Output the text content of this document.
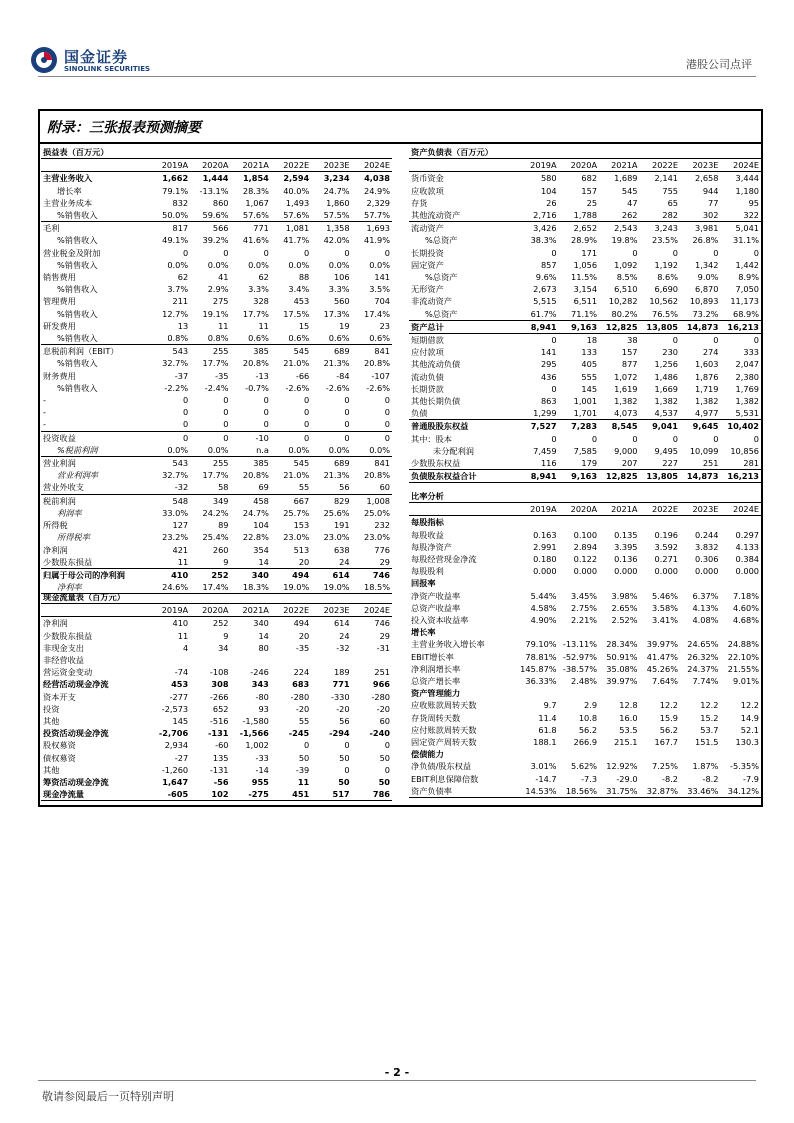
国金证券
SINOLINK SECURITIES	港股公司点评
附录：三张报表预测摘要
损益表（百万元）						
	2019A	2020A	2021A	2022E	2023E	2024E
主营业务收入	1,662	1,444	1,854	2,594	3,234	4,038
增长率	79.1%	-13.1%	28.3%	40.0%	24.7%	24.9%
主营业务成本	832	860	1,067	1,493	1,860	2,329
%销售收入	50.0%	59.6%	57.6%	57.6%	57.5%	57.7%
毛利	817	566	771	1,081	1,358	1,693
%销售收入	49.1%	39.2%	41.6%	41.7%	42.0%	41.9%
营业税金及附加	0	0	0	0	0	0
%销售收入	0.0%	0.0%	0.0%	0.0%	0.0%	0.0%
销售费用	62	41	62	88	106	141
%销售收入	3.7%	2.9%	3.3%	3.4%	3.3%	3.5%
管理费用	211	275	328	453	560	704
%销售收入	12.7%	19.1%	17.7%	17.5%	17.3%	17.4%
研发费用	13	11	11	15	19	23
%销售收入	0.8%	0.8%	0.6%	0.6%	0.6%	0.6%
息税前利润（EBIT）	543	255	385	545	689	841
%销售收入	32.7%	17.7%	20.8%	21.0%	21.3%	20.8%
财务费用	-37	-35	-13	-66	-84	-107
%销售收入	-2.2%	-2.4%	-0.7%	-2.6%	-2.6%	-2.6%
-	0	0	0	0	0	0
-	0	0	0	0	0	0
-	0	0	0	0	0	0
投资收益	0	0	-10	0	0	0
%税前利润	0.0%	0.0%	n.a	0.0%	0.0%	0.0%
营业利润	543	255	385	545	689	841
营业利润率	32.7%	17.7%	20.8%	21.0%	21.3%	20.8%
营业外收支	-32	58	69	55	56	60
税前利润	548	349	458	667	829	1,008
利润率	33.0%	24.2%	24.7%	25.7%	25.6%	25.0%
所得税	127	89	104	153	191	232
所得税率	23.2%	25.4%	22.8%	23.0%	23.0%	23.0%
净利润	421	260	354	513	638	776
少数股东损益	11	9	14	20	24	29
归属于母公司的净利润	410	252	340	494	614	746
净利率	24.6%	17.4%	18.3%	19.0%	19.0%	18.5%
现金流量表（百万元）						
	2019A	2020A	2021A	2022E	2023E	2024E
净利润	410	252	340	494	614	746
少数股东损益	11	9	14	20	24	29
非现金支出	4	34	80	-35	-32	-31
非经营收益						
营运资金变动	-74	-108	-246	224	189	251
经营活动现金净流	453	308	343	683	771	966
资本开支	-277	-266	-80	-280	-330	-280
投资	-2,573	652	93	-20	-20	-20
其他	145	-516	-1,580	55	56	60
投资活动现金净流	-2,706	-131	-1,566	-245	-294	-240
股权募资	2,934	-60	1,002	0	0	0
债权募资	-27	135	-33	50	50	50
其他	-1,260	-131	-14	-39	0	0
筹资活动现金净流	1,647	-56	955	11	50	50
现金净流量	-605	102	-275	451	517	786
资产负债表（百万元）						
	2019A	2020A	2021A	2022E	2023E	2024E
货币资金	580	682	1,689	2,141	2,658	3,444
应收款项	104	157	545	755	944	1,180
存货	26	25	47	65	77	95
其他流动资产	2,716	1,788	262	282	302	322
流动资产	3,426	2,652	2,543	3,243	3,981	5,041
%总资产	38.3%	28.9%	19.8%	23.5%	26.8%	31.1%
长期投资	0	171	0	0	0	0
固定资产	857	1,056	1,092	1,192	1,342	1,442
%总资产	9.6%	11.5%	8.5%	8.6%	9.0%	8.9%
无形资产	2,673	3,154	6,510	6,690	6,870	7,050
非流动资产	5,515	6,511	10,282	10,562	10,893	11,173
%总资产	61.7%	71.1%	80.2%	76.5%	73.2%	68.9%
资产总计	8,941	9,163	12,825	13,805	14,873	16,213
短期借款	0	18	38	0	0	0
应付款项	141	133	157	230	274	333
其他流动负债	295	405	877	1,256	1,603	2,047
流动负债	436	555	1,072	1,486	1,876	2,380
长期贷款	0	145	1,619	1,669	1,719	1,769
其他长期负债	863	1,001	1,382	1,382	1,382	1,382
负债	1,299	1,701	4,073	4,537	4,977	5,531
普通股股东权益	7,527	7,283	8,545	9,041	9,645	10,402
其中：股本	0	0	0	0	0	0
未分配利润	7,459	7,585	9,000	9,495	10,099	10,856
少数股东权益	116	179	207	227	251	281
负债股东权益合计	8,941	9,163	12,825	13,805	14,873	16,213
比率分析						
	2019A	2020A	2021A	2022E	2023E	2024E
每股指标						
每股收益	0.163	0.100	0.135	0.196	0.244	0.297
每股净资产	2.991	2.894	3.395	3.592	3.832	4.133
每股经营现金净流	0.180	0.122	0.136	0.271	0.306	0.384
每股股利	0.000	0.000	0.000	0.000	0.000	0.000
回报率						
净资产收益率	5.44%	3.45%	3.98%	5.46%	6.37%	7.18%
总资产收益率	4.58%	2.75%	2.65%	3.58%	4.13%	4.60%
投入资本收益率	4.90%	2.21%	2.52%	3.41%	4.08%	4.68%
增长率						
主营业务收入增长率	79.10%	-13.11%	28.34%	39.97%	24.65%	24.88%
EBIT增长率	78.81%	-52.97%	50.91%	41.47%	26.32%	22.10%
净利润增长率	145.87%	-38.57%	35.08%	45.26%	24.37%	21.55%
总资产增长率	36.33%	2.48%	39.97%	7.64%	7.74%	9.01%
资产管理能力						
应收账款周转天数	9.7	2.9	12.8	12.2	12.2	12.2
存货周转天数	11.4	10.8	16.0	15.9	15.2	14.9
应付账款周转天数	61.8	56.2	53.5	56.2	53.7	52.1
固定资产周转天数	188.1	266.9	215.1	167.7	151.5	130.3
偿债能力						
净负债/股东权益	3.01%	5.62%	12.92%	7.25%	1.87%	-5.35%
EBIT利息保障倍数	-14.7	-7.3	-29.0	-8.2	-8.2	-7.9
资产负债率	14.53%	18.56%	31.75%	32.87%	33.46%	34.12%
- 2 -
敬请参阅最后一页特别声明
